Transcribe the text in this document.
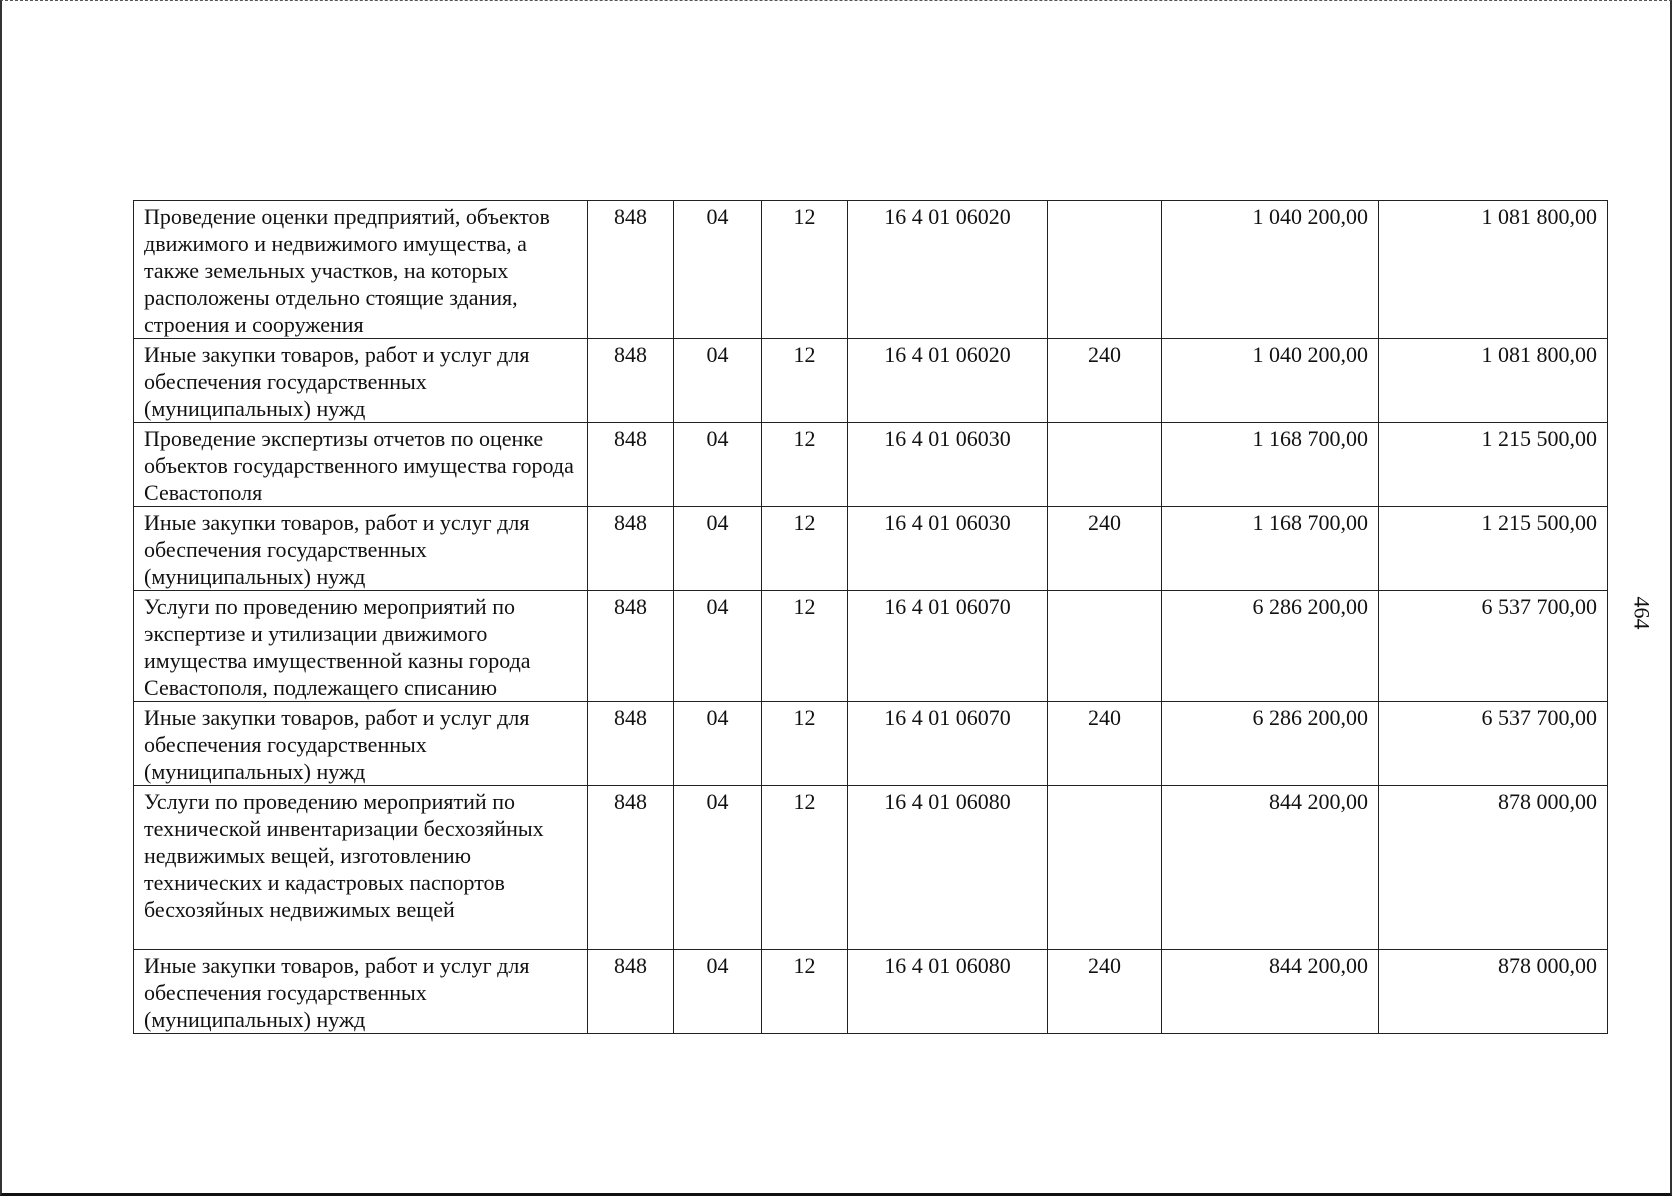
Проведение оценки предприятий, объектов движимого и недвижимого имущества, а также земельных участков, на которых расположены отдельно стоящие здания, строения и сооружения	848	04	12	16 4 01 06020		1 040 200,00	1 081 800,00
Иные закупки товаров, работ и услуг для обеспечения государственных (муниципальных) нужд	848	04	12	16 4 01 06020	240	1 040 200,00	1 081 800,00
Проведение экспертизы отчетов по оценке объектов государственного имущества города Севастополя	848	04	12	16 4 01 06030		1 168 700,00	1 215 500,00
Иные закупки товаров, работ и услуг для обеспечения государственных (муниципальных) нужд	848	04	12	16 4 01 06030	240	1 168 700,00	1 215 500,00
Услуги по проведению мероприятий по экспертизе и утилизации движимого имущества имущественной казны города Севастополя, подлежащего списанию	848	04	12	16 4 01 06070		6 286 200,00	6 537 700,00
Иные закупки товаров, работ и услуг для обеспечения государственных (муниципальных) нужд	848	04	12	16 4 01 06070	240	6 286 200,00	6 537 700,00
Услуги по проведению мероприятий по технической инвентаризации бесхозяйных недвижимых вещей, изготовлению технических и кадастровых паспортов бесхозяйных недвижимых вещей	848	04	12	16 4 01 06080		844 200,00	878 000,00
Иные закупки товаров, работ и услуг для обеспечения государственных (муниципальных) нужд	848	04	12	16 4 01 06080	240	844 200,00	878 000,00
464
